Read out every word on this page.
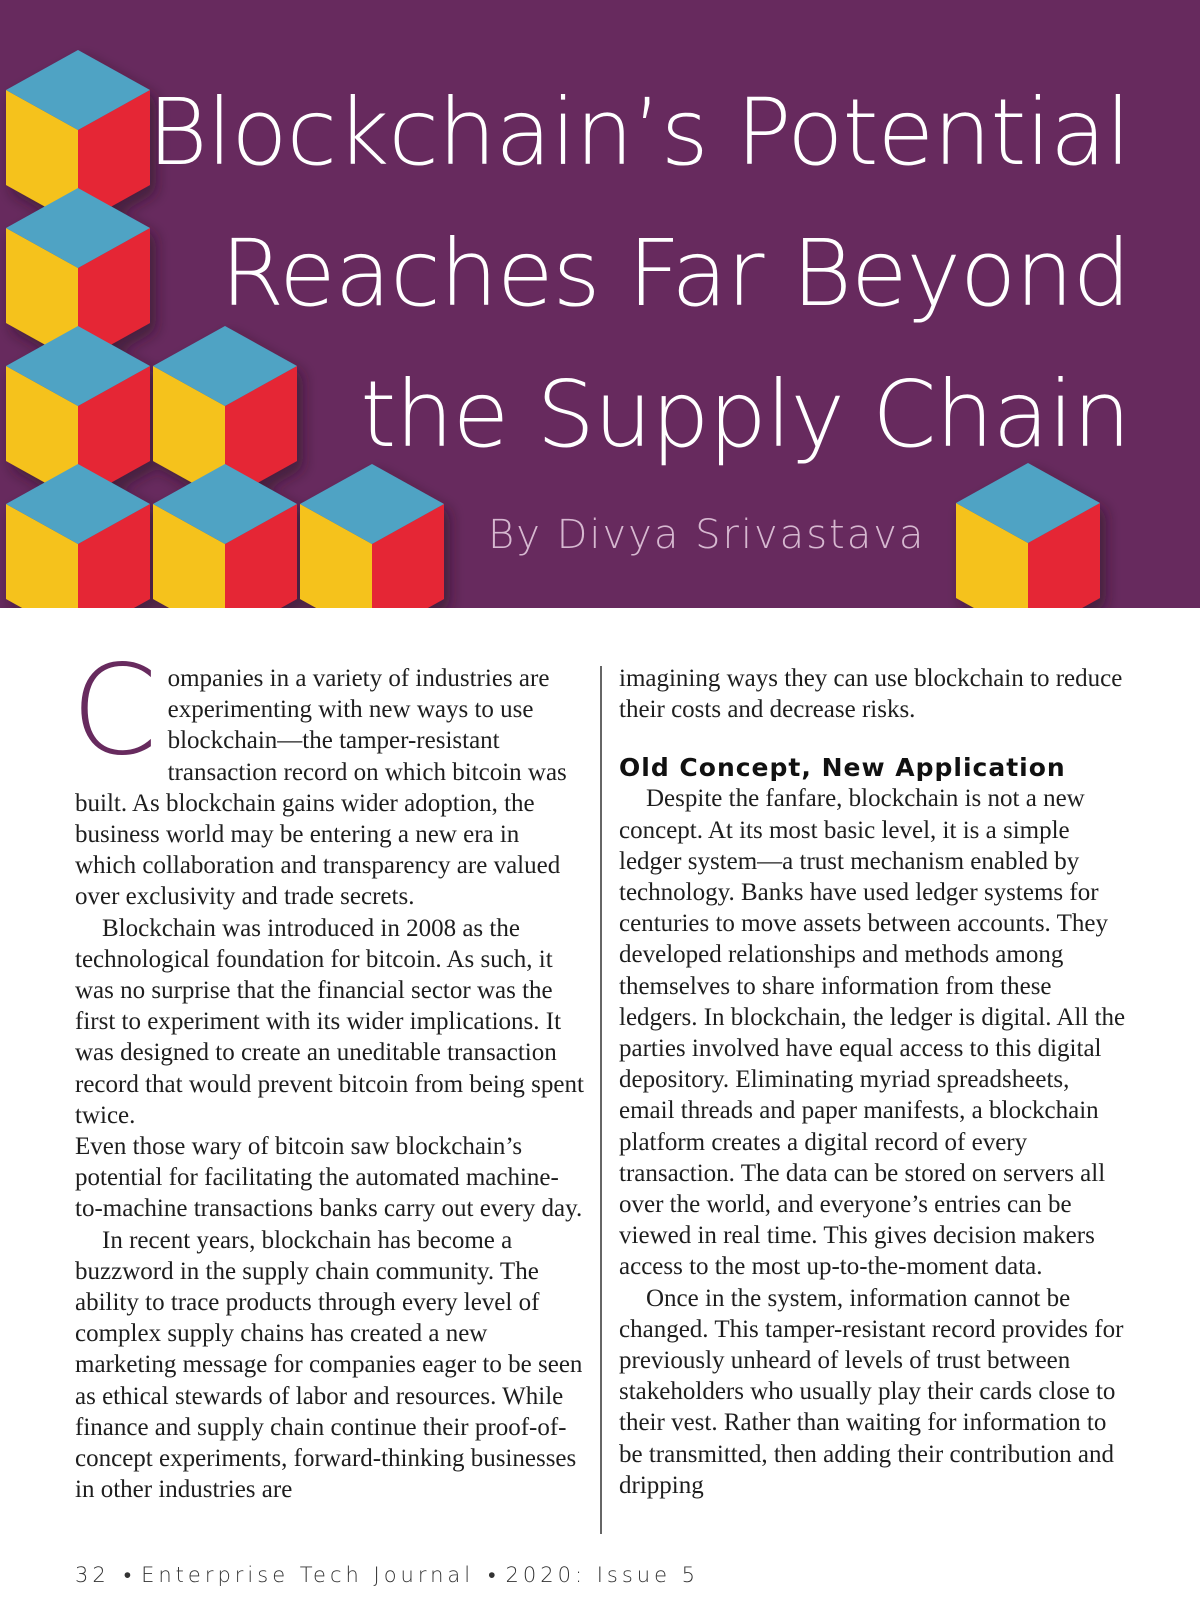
Blockchain’s Potential
Reaches Far Beyond
the Supply Chain
By Divya Srivastava

Companies in a variety of industries are experimenting with new ways to use blockchain—the tamper-resistant transaction record on which bitcoin was built. As blockchain gains wider adoption, the business world may be entering a new era in which collaboration and transparency are valued over exclusivity and trade secrets.

Blockchain was introduced in 2008 as the technological foundation for bitcoin. As such, it was no surprise that the financial sector was the first to experiment with its wider implications. It was designed to create an uneditable transaction record that would prevent bitcoin from being spent twice.

Even those wary of bitcoin saw blockchain’s potential for facilitating the automated machine-to-machine transactions banks carry out every day.

In recent years, blockchain has become a buzzword in the supply chain community. The ability to trace products through every level of complex supply chains has created a new marketing message for companies eager to be seen as ethical stewards of labor and resources. While finance and supply chain continue their proof-of-concept experiments, forward-thinking businesses in other industries are

imagining ways they can use blockchain to reduce their costs and decrease risks.

Old Concept, New Application

Despite the fanfare, blockchain is not a new concept. At its most basic level, it is a simple ledger system—a trust mechanism enabled by technology. Banks have used ledger systems for centuries to move assets between accounts. They developed relationships and methods among themselves to share information from these ledgers. In blockchain, the ledger is digital. All the parties involved have equal access to this digital depository. Eliminating myriad spreadsheets, email threads and paper manifests, a blockchain platform creates a digital record of every transaction. The data can be stored on servers all over the world, and everyone’s entries can be viewed in real time. This gives decision makers access to the most up-to-the-moment data.

Once in the system, information cannot be changed. This tamper-resistant record provides for previously unheard of levels of trust between stakeholders who usually play their cards close to their vest. Rather than waiting for information to be transmitted, then adding their contribution and dripping

32 • Enterprise Tech Journal • 2020: Issue 5
